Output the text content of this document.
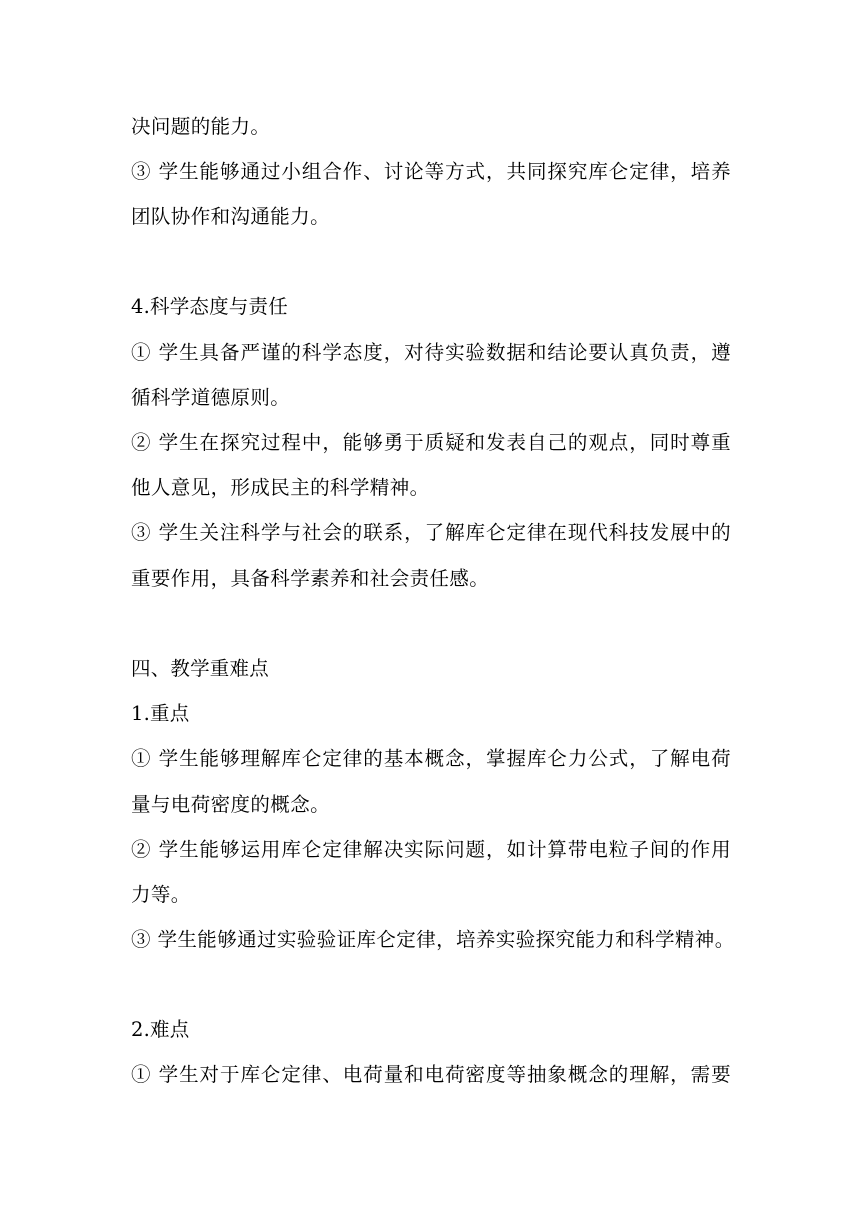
决问题的能力。
③ 学生能够通过小组合作、讨论等方式，共同探究库仑定律，培养
团队协作和沟通能力。
4.科学态度与责任
① 学生具备严谨的科学态度，对待实验数据和结论要认真负责，遵
循科学道德原则。
② 学生在探究过程中，能够勇于质疑和发表自己的观点，同时尊重
他人意见，形成民主的科学精神。
③ 学生关注科学与社会的联系，了解库仑定律在现代科技发展中的
重要作用，具备科学素养和社会责任感。
四、教学重难点
1.重点
① 学生能够理解库仑定律的基本概念，掌握库仑力公式，了解电荷
量与电荷密度的概念。
② 学生能够运用库仑定律解决实际问题，如计算带电粒子间的作用
力等。
③ 学生能够通过实验验证库仑定律，培养实验探究能力和科学精神。
2.难点
① 学生对于库仑定律、电荷量和电荷密度等抽象概念的理解，需要
